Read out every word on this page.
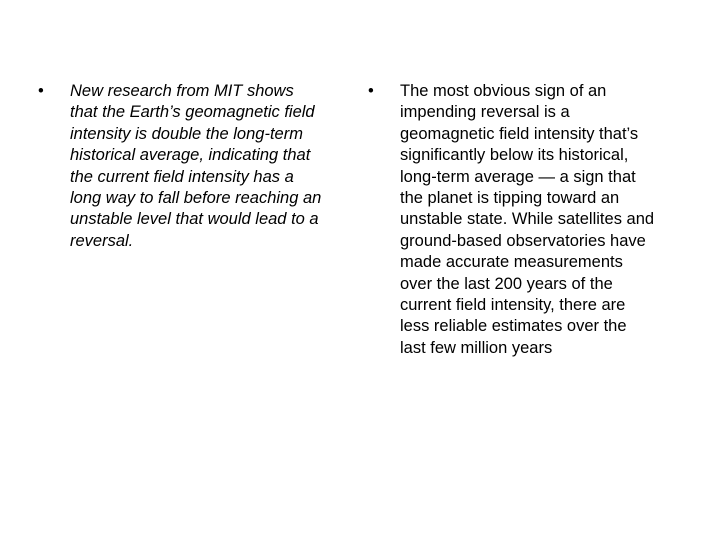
•	New research from MIT shows
that the Earth’s geomagnetic field
intensity is double the long-term
historical average, indicating that
the current field intensity has a
long way to fall before reaching an
unstable level that would lead to a
reversal.
•	The most obvious sign of an
impending reversal is a
geomagnetic field intensity that’s
significantly below its historical,
long-term average — a sign that
the planet is tipping toward an
unstable state. While satellites and
ground-based observatories have
made accurate measurements
over the last 200 years of the
current field intensity, there are
less reliable estimates over the
last few million years
